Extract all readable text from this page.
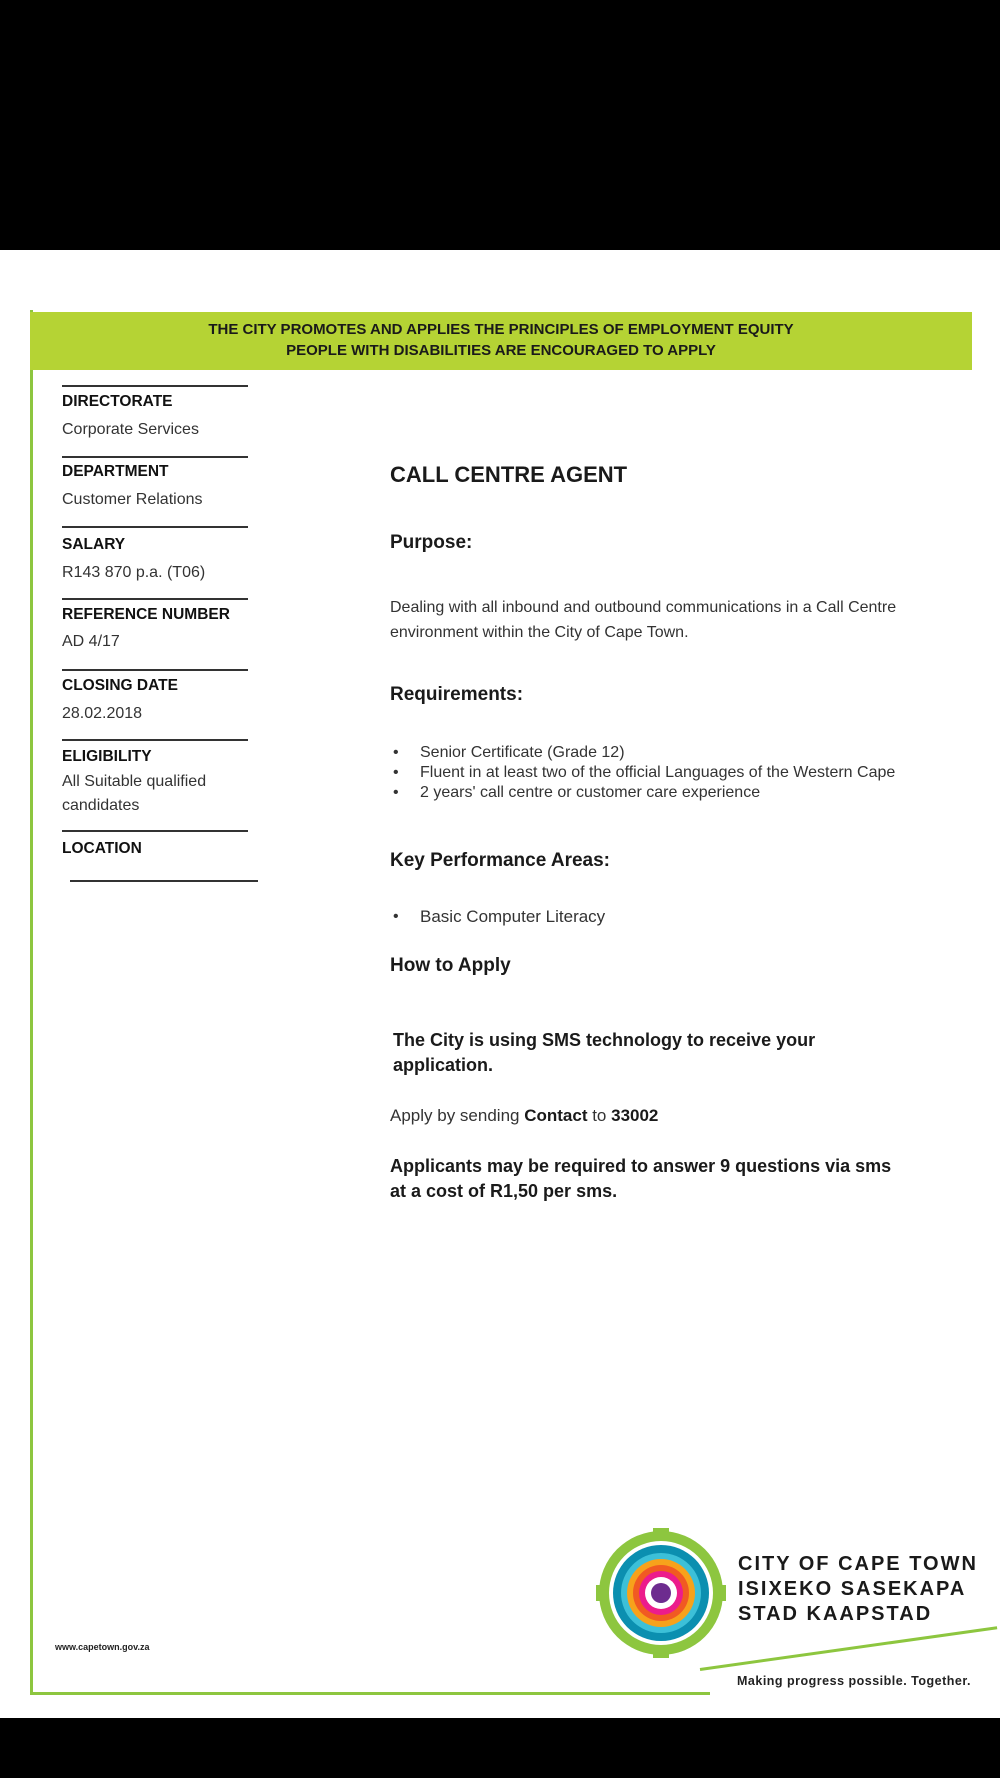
THE CITY PROMOTES AND APPLIES THE PRINCIPLES OF EMPLOYMENT EQUITY
PEOPLE WITH DISABILITIES ARE ENCOURAGED TO APPLY
DIRECTORATE
Corporate Services
DEPARTMENT
Customer Relations
SALARY
R143 870 p.a. (T06)
REFERENCE NUMBER
AD 4/17
CLOSING DATE
28.02.2018
ELIGIBILITY
All Suitable qualified candidates
LOCATION
CALL CENTRE AGENT
Purpose:
Dealing with all inbound and outbound communications in a Call Centre environment within the City of Cape Town.
Requirements:
• Senior Certificate (Grade 12)
• Fluent in at least two of the official Languages of the Western Cape
• 2 years' call centre or customer care experience
Key Performance Areas:
• Basic Computer Literacy
How to Apply
The City is using SMS technology to receive your application.
Apply by sending Contact to 33002
Applicants may be required to answer 9 questions via sms at a cost of R1,50 per sms.
www.capetown.gov.za
CITY OF CAPE TOWN
ISIXEKO SASEKAPA
STAD KAAPSTAD
Making progress possible. Together.
